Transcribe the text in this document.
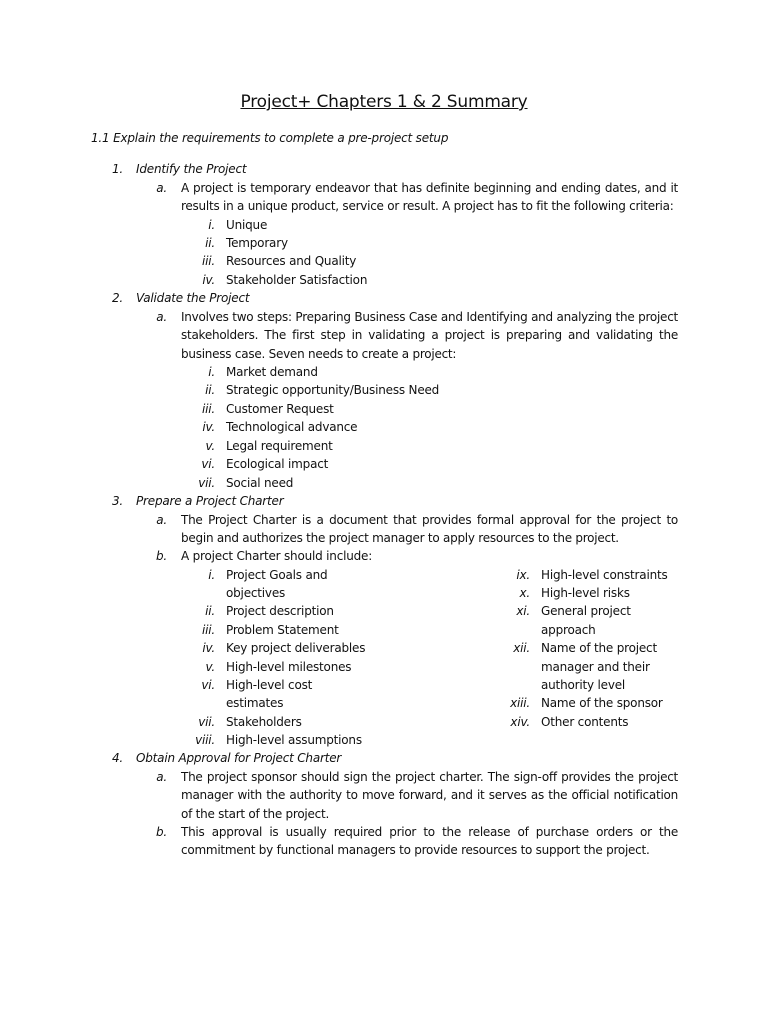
Project+ Chapters 1 & 2 Summary
1.1 Explain the requirements to complete a pre-project setup
1. Identify the Project
a. A project is temporary endeavor that has definite beginning and ending dates, and it results in a unique product, service or result. A project has to fit the following criteria:
i. Unique
ii. Temporary
iii. Resources and Quality
iv. Stakeholder Satisfaction
2. Validate the Project
a. Involves two steps: Preparing Business Case and Identifying and analyzing the project stakeholders. The first step in validating a project is preparing and validating the business case. Seven needs to create a project:
i. Market demand
ii. Strategic opportunity/Business Need
iii. Customer Request
iv. Technological advance
v. Legal requirement
vi. Ecological impact
vii. Social need
3. Prepare a Project Charter
a. The Project Charter is a document that provides formal approval for the project to begin and authorizes the project manager to apply resources to the project.
b. A project Charter should include:
i. Project Goals and
objectives
ii. Project description
iii. Problem Statement
iv. Key project deliverables
v. High-level milestones
vi. High-level cost
estimates
vii. Stakeholders
viii. High-level assumptions
ix. High-level constraints
x. High-level risks
xi. General project
approach
xii. Name of the project
manager and their
authority level
xiii. Name of the sponsor
xiv. Other contents
4. Obtain Approval for Project Charter
a. The project sponsor should sign the project charter. The sign-off provides the project manager with the authority to move forward, and it serves as the official notification of the start of the project.
b. This approval is usually required prior to the release of purchase orders or the commitment by functional managers to provide resources to support the project.
